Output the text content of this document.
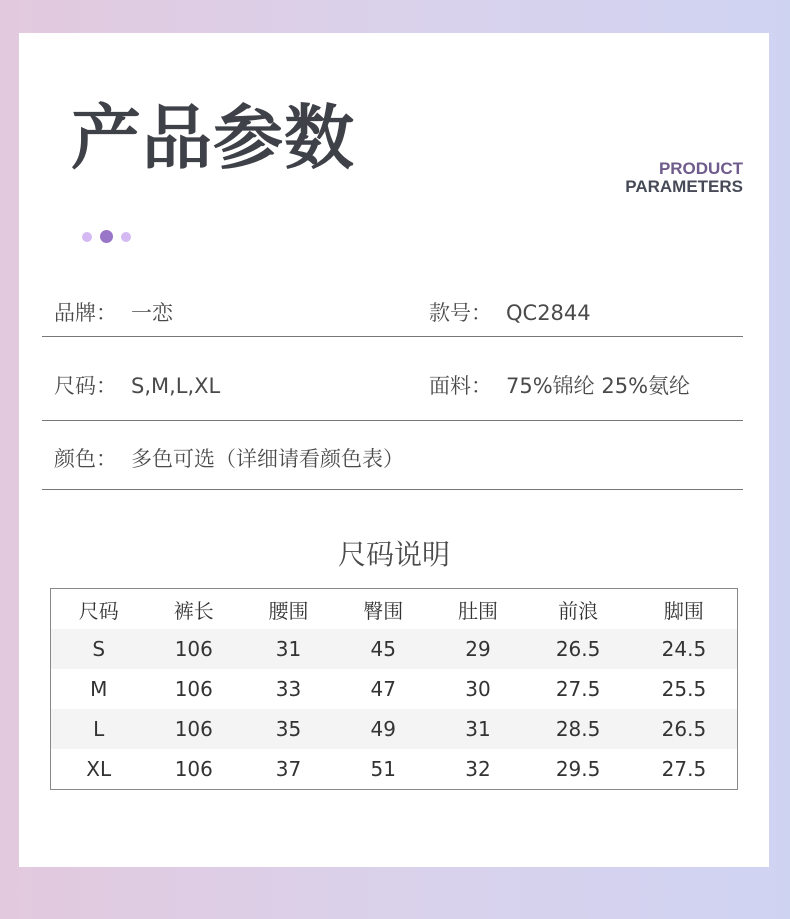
产品参数	PRODUCT
PARAMETERS
品牌： 一恋	款号： QC2844
尺码： S,M,L,XL	面料： 75%锦纶 25%氨纶
颜色： 多色可选（详细请看颜色表）
尺码说明
尺码	裤长	腰围	臀围	肚围	前浪	脚围
S	106	31	45	29	26.5	24.5
M	106	33	47	30	27.5	25.5
L	106	35	49	31	28.5	26.5
XL	106	37	51	32	29.5	27.5
